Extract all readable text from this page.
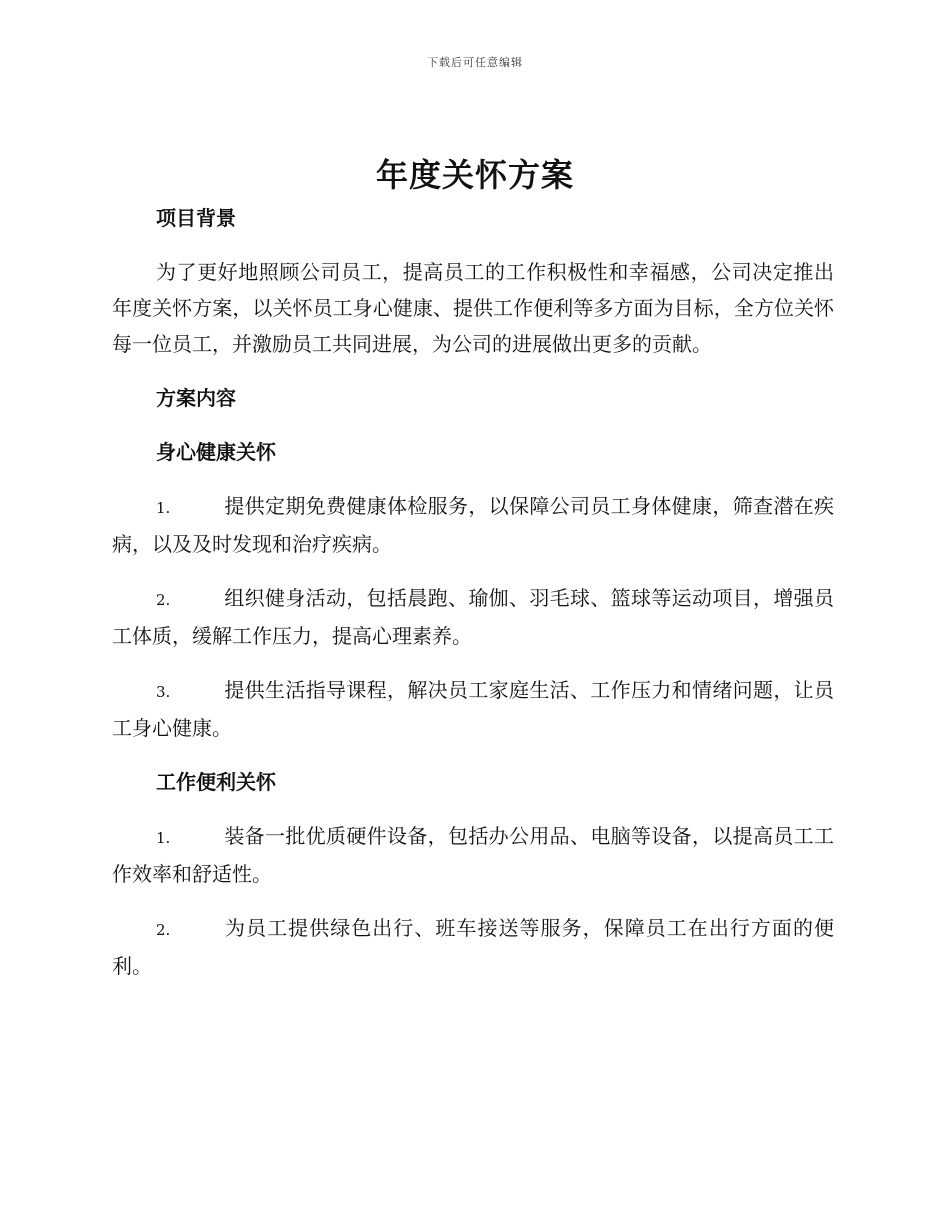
下载后可任意编辑
年度关怀方案

项目背景

为了更好地照顾公司员工，提高员工的工作积极性和幸福感，公司决定推出年度关怀方案，以关怀员工身心健康、提供工作便利等多方面为目标，全方位关怀每一位员工，并激励员工共同进展，为公司的进展做出更多的贡献。

方案内容

身心健康关怀

1.	提供定期免费健康体检服务，以保障公司员工身体健康，筛查潜在疾病，以及及时发现和治疗疾病。

2.	组织健身活动，包括晨跑、瑜伽、羽毛球、篮球等运动项目，增强员工体质，缓解工作压力，提高心理素养。

3.	提供生活指导课程，解决员工家庭生活、工作压力和情绪问题，让员工身心健康。

工作便利关怀

1.	装备一批优质硬件设备，包括办公用品、电脑等设备，以提高员工工作效率和舒适性。

2.	为员工提供绿色出行、班车接送等服务，保障员工在出行方面的便利。
